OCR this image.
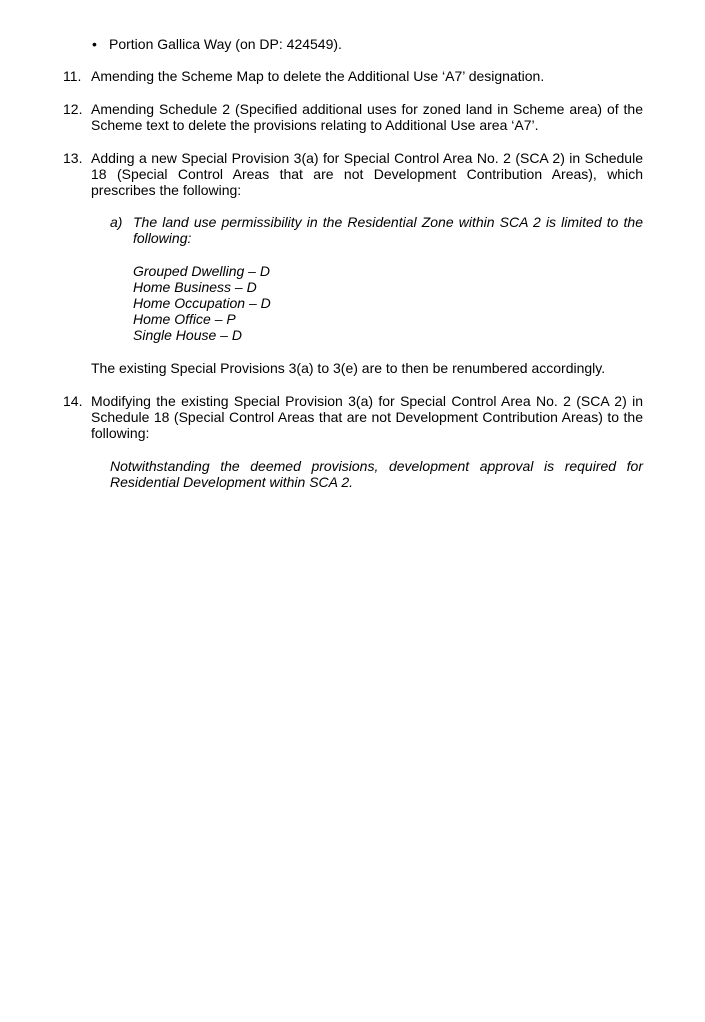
• Portion Gallica Way (on DP: 424549).
11. Amending the Scheme Map to delete the Additional Use ‘A7’ designation.
12. Amending Schedule 2 (Specified additional uses for zoned land in Scheme area) of the Scheme text to delete the provisions relating to Additional Use area ‘A7’.
13. Adding a new Special Provision 3(a) for Special Control Area No. 2 (SCA 2) in Schedule 18 (Special Control Areas that are not Development Contribution Areas), which prescribes the following:
a) The land use permissibility in the Residential Zone within SCA 2 is limited to the following:
Grouped Dwelling – D
Home Business – D
Home Occupation – D
Home Office – P
Single House – D
The existing Special Provisions 3(a) to 3(e) are to then be renumbered accordingly.
14. Modifying the existing Special Provision 3(a) for Special Control Area No. 2 (SCA 2) in Schedule 18 (Special Control Areas that are not Development Contribution Areas) to the following:
Notwithstanding the deemed provisions, development approval is required for Residential Development within SCA 2.
